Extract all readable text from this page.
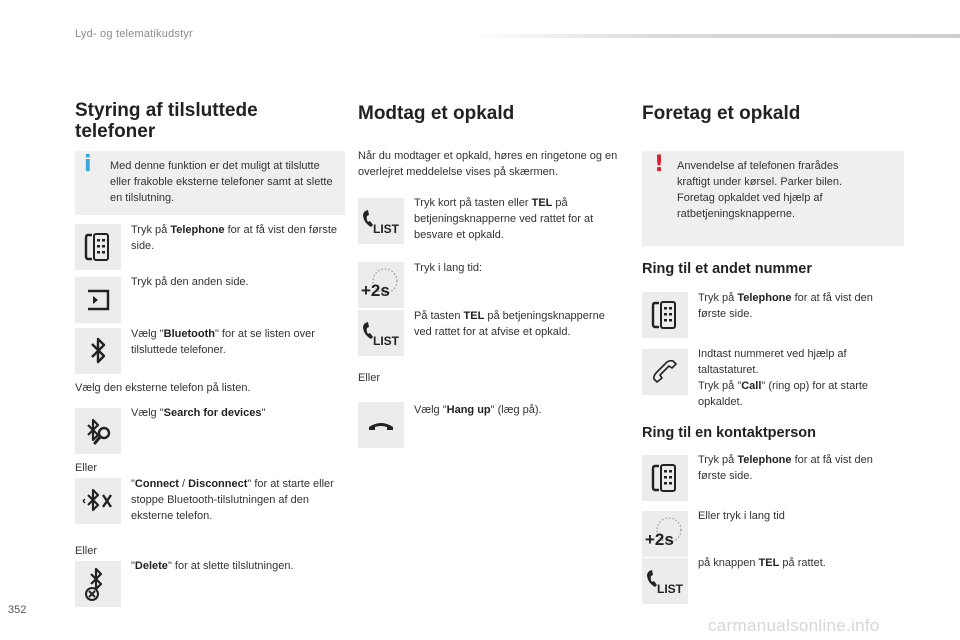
Lyd- og telematikudstyr
Styring af tilsluttede
telefoner
i Med denne funktion er det muligt at tilslutte eller frakoble eksterne telefoner samt at slette en tilslutning.

Tryk på Telephone for at få vist den første side.

Tryk på den anden side.

Vælg "Bluetooth" for at se listen over tilsluttede telefoner.

Vælg den eksterne telefon på listen.

Vælg "Search for devices"

Eller

"Connect / Disconnect" for at starte eller stoppe Bluetooth-tilslutningen af den eksterne telefon.

Eller

"Delete" for at slette tilslutningen.

Modtag et opkald

Når du modtager et opkald, høres en ringetone og en overlejret meddelelse vises på skærmen.

LIST

Tryk kort på tasten eller TEL på betjeningsknapperne ved rattet for at besvare et opkald.

+2s

Tryk i lang tid:

LIST

På tasten TEL på betjeningsknapperne ved rattet for at afvise et opkald.

Eller

Vælg "Hang up" (læg på).

Foretag et opkald
! Anvendelse af telefonen frarådes kraftigt under kørsel. Parker bilen. Foretag opkaldet ved hjælp af ratbetjeningsknapperne.

Ring til et andet nummer

Tryk på Telephone for at få vist den første side.

Indtast nummeret ved hjælp af taltastaturet.

Tryk på "Call" (ring op) for at starte opkaldet.

Ring til en kontaktperson

Tryk på Telephone for at få vist den første side.

+2s

Eller tryk i lang tid

LIST

på knappen TEL på rattet.

352
carmanualsonline.info
